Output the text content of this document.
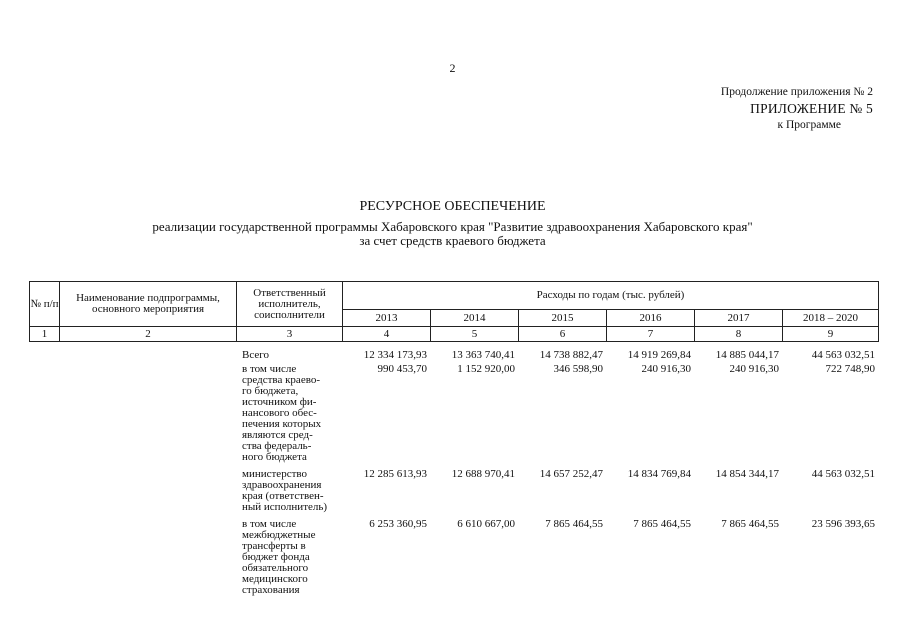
2
Продолжение приложения № 2
ПРИЛОЖЕНИЕ № 5
к Программе
РЕСУРСНОЕ ОБЕСПЕЧЕНИЕ
реализации государственной программы Хабаровского края "Развитие здравоохранения Хабаровского края"
за счет средств краевого бюджета
№ п/п	Наименование подпрограммы, основного мероприятия	Ответственный исполнитель, соисполнители	Расходы по годам (тыс. рублей)					
			2013	2014	2015	2016	2017	2018 – 2020
1	2	3	4	5	6	7	8	9
		Всего	12 334 173,93	13 363 740,41	14 738 882,47	14 919 269,84	14 885 044,17	44 563 032,51
		в том числе средства краево-го бюджета, источником фи-нансового обес-печения которых являются сред-ства федераль-ного бюджета	990 453,70	1 152 920,00	346 598,90	240 916,30	240 916,30	722 748,90
		министерство здравоохранения края (ответствен-ный исполнитель)	12 285 613,93	12 688 970,41	14 657 252,47	14 834 769,84	14 854 344,17	44 563 032,51
		в том числе межбюджетные трансферты в бюджет фонда обязательного медицинского страхования	6 253 360,95	6 610 667,00	7 865 464,55	7 865 464,55	7 865 464,55	23 596 393,65
